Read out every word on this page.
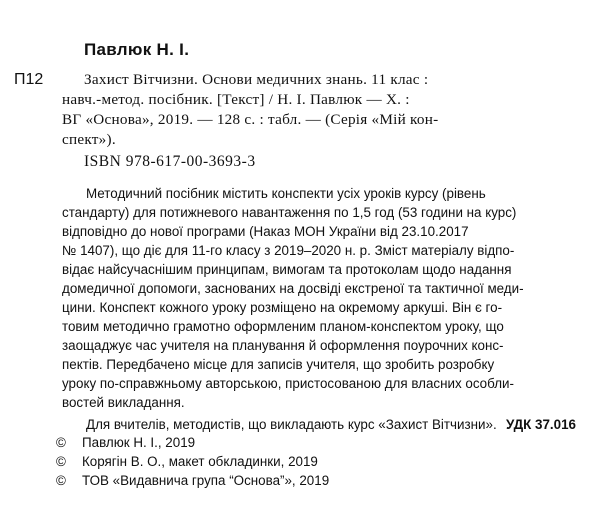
Павлюк Н. І.
П12	Захист Вітчизни. Основи медичних знань. 11 клас :
навч.-метод. посібник. [Текст] / Н. І. Павлюк — Х. :
ВГ «Основа», 2019. — 128 с. : табл. — (Серія «Мій кон-
спект»).
ISBN 978-617-00-3693-3
Методичний посібник містить конспекти усіх уроків курсу (рівень
стандарту) для потижневого навантаження по 1,5 год (53 години на курс)
відповідно до нової програми (Наказ МОН України від 23.10.2017
№ 1407), що діє для 11-го класу з 2019–2020 н. р. Зміст матеріалу відпо-
відає найсучаснішим принципам, вимогам та протоколам щодо надання
домедичної допомоги, заснованих на досвіді екстреної та тактичної меди-
цини. Конспект кожного уроку розміщено на окремому аркуші. Він є го-
товим методично грамотно оформленим планом-конспектом уроку, що
заощаджує час учителя на планування й оформлення поурочних конс-
пектів. Передбачено місце для записів учителя, що зробить розробку
уроку по-справжньому авторською, пристосованою для власних особли-
востей викладання.
Для вчителів, методистів, що викладають курс «Захист Вітчизни». УДК 37.016
© Павлюк Н. І., 2019
© Корягін В. О., макет обкладинки, 2019
© ТОВ «Видавнича група “Основа”», 2019
